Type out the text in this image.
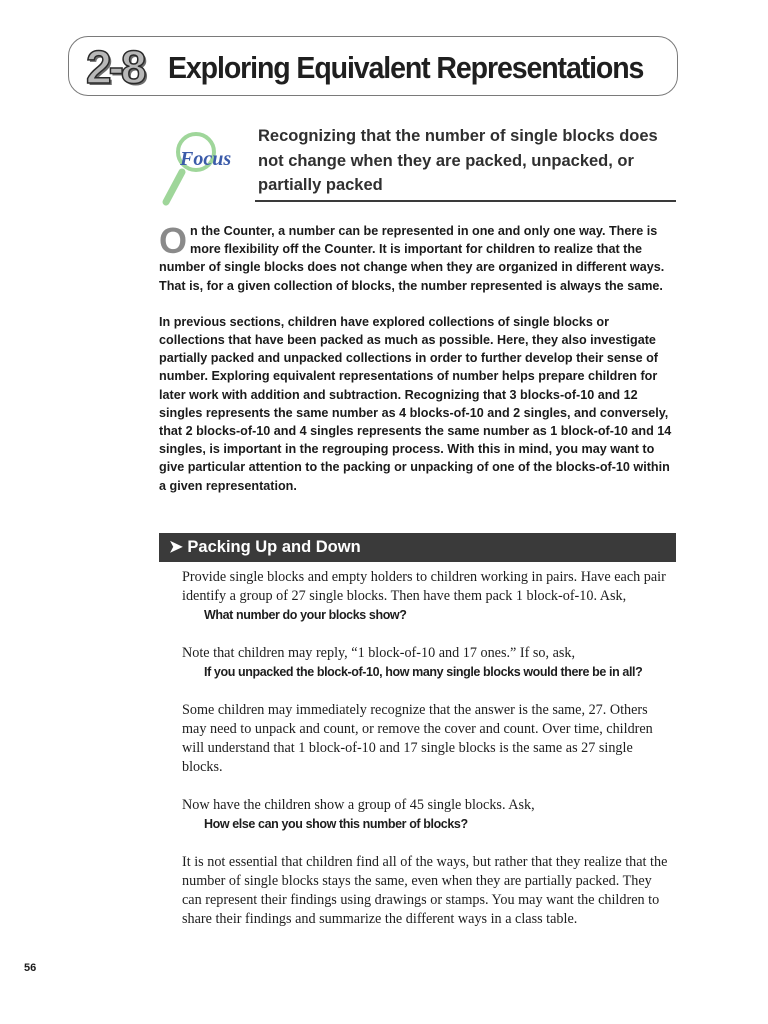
2-8 Exploring Equivalent Representations
Focus
Recognizing that the number of single blocks does not change when they are packed, unpacked, or partially packed

On the Counter, a number can be represented in one and only one way. There is more flexibility off the Counter. It is important for children to realize that the number of single blocks does not change when they are organized in different ways. That is, for a given collection of blocks, the number represented is always the same.

In previous sections, children have explored collections of single blocks or collections that have been packed as much as possible. Here, they also investigate partially packed and unpacked collections in order to further develop their sense of number. Exploring equivalent representations of number helps prepare children for later work with addition and subtraction. Recognizing that 3 blocks-of-10 and 12 singles represents the same number as 4 blocks-of-10 and 2 singles, and conversely, that 2 blocks-of-10 and 4 singles represents the same number as 1 block-of-10 and 14 singles, is important in the regrouping process. With this in mind, you may want to give particular attention to the packing or unpacking of one of the blocks-of-10 within a given representation.

➤ Packing Up and Down

Provide single blocks and empty holders to children working in pairs. Have each pair identify a group of 27 single blocks. Then have them pack 1 block-of-10. Ask,
What number do your blocks show?

Note that children may reply, “1 block-of-10 and 17 ones.” If so, ask,
If you unpacked the block-of-10, how many single blocks would there be in all?

Some children may immediately recognize that the answer is the same, 27. Others may need to unpack and count, or remove the cover and count. Over time, children will understand that 1 block-of-10 and 17 single blocks is the same as 27 single blocks.

Now have the children show a group of 45 single blocks. Ask,
How else can you show this number of blocks?

It is not essential that children find all of the ways, but rather that they realize that the number of single blocks stays the same, even when they are partially packed. They can represent their findings using drawings or stamps. You may want the children to share their findings and summarize the different ways in a class table.

56
